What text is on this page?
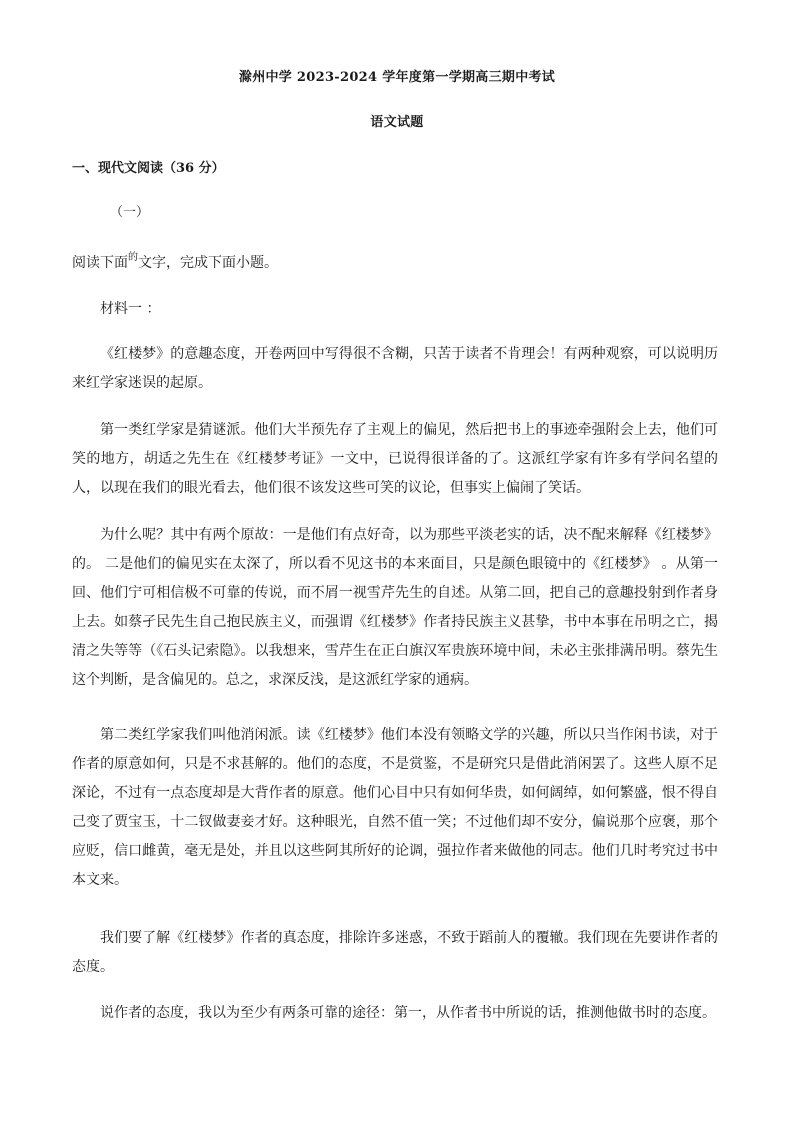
滁州中学 2023-2024 学年度第一学期高三期中考试
语文试题
一、现代文阅读（36 分）
（一）

阅读下面$^的$文字，完成下面小题。

材料一 ：

《红楼梦》的意趣态度，开卷两回中写得很不含糊，只苦于读者不肯理会！有两种观察，可以说明历来红学家迷误的起原。

第一类红学家是猜谜派。他们大半预先存了主观上的偏见，然后把书上的事迹牵强附会上去，他们可笑的地方，胡适之先生在《红楼梦考证》一文中，已说得很详备的了。这派红学家有许多有学问名望的人，以现在我们的眼光看去，他们很不该发这些可笑的议论，但事实上偏闹了笑话。

为什么呢？其中有两个原故：一是他们有点好奇，以为那些平淡老实的话，决不配来解释《红楼梦》的。 二是他们的偏见实在太深了，所以看不见这书的本来面目，只是颜色眼镜中的《红楼梦》 。从第一回、他们宁可相信极不可靠的传说，而不屑一视雪芹先生的自述。从第二回，把自己的意趣投射到作者身上去。如蔡孑民先生自己抱民族主义，而强谓《红楼梦》作者持民族主义甚挚，书中本事在吊明之亡，揭清之失等等（《石头记索隐》。以我想来，雪芹生在正白旗汉军贵族环境中间，未必主张排满吊明。蔡先生这个判断，是含偏见的。总之，求深反浅，是这派红学家的通病。

第二类红学家我们叫他消闲派。读《红楼梦》他们本没有领略文学的兴趣，所以只当作闲书读，对于作者的原意如何，只是不求甚解的。他们的态度，不是赏鉴，不是研究只是借此消闲罢了。这些人原不足深论，不过有一点态度却是大背作者的原意。他们心目中只有如何华贵，如何阔绰，如何繁盛，恨不得自己变了贾宝玉，十二钗做妻妾才好。这种眼光，自然不值一笑；不过他们却不安分，偏说那个应褒，那个应贬，信口雌黄，毫无是处，并且以这些阿其所好的论调，强拉作者来做他的同志。他们几时考究过书中本文来。

我们要了解《红楼梦》作者的真态度，排除许多迷惑，不致于蹈前人的覆辙。我们现在先要讲作者的态度。

说作者的态度，我以为至少有两条可靠的途径：第一，从作者书中所说的话，推测他做书时的态度。
